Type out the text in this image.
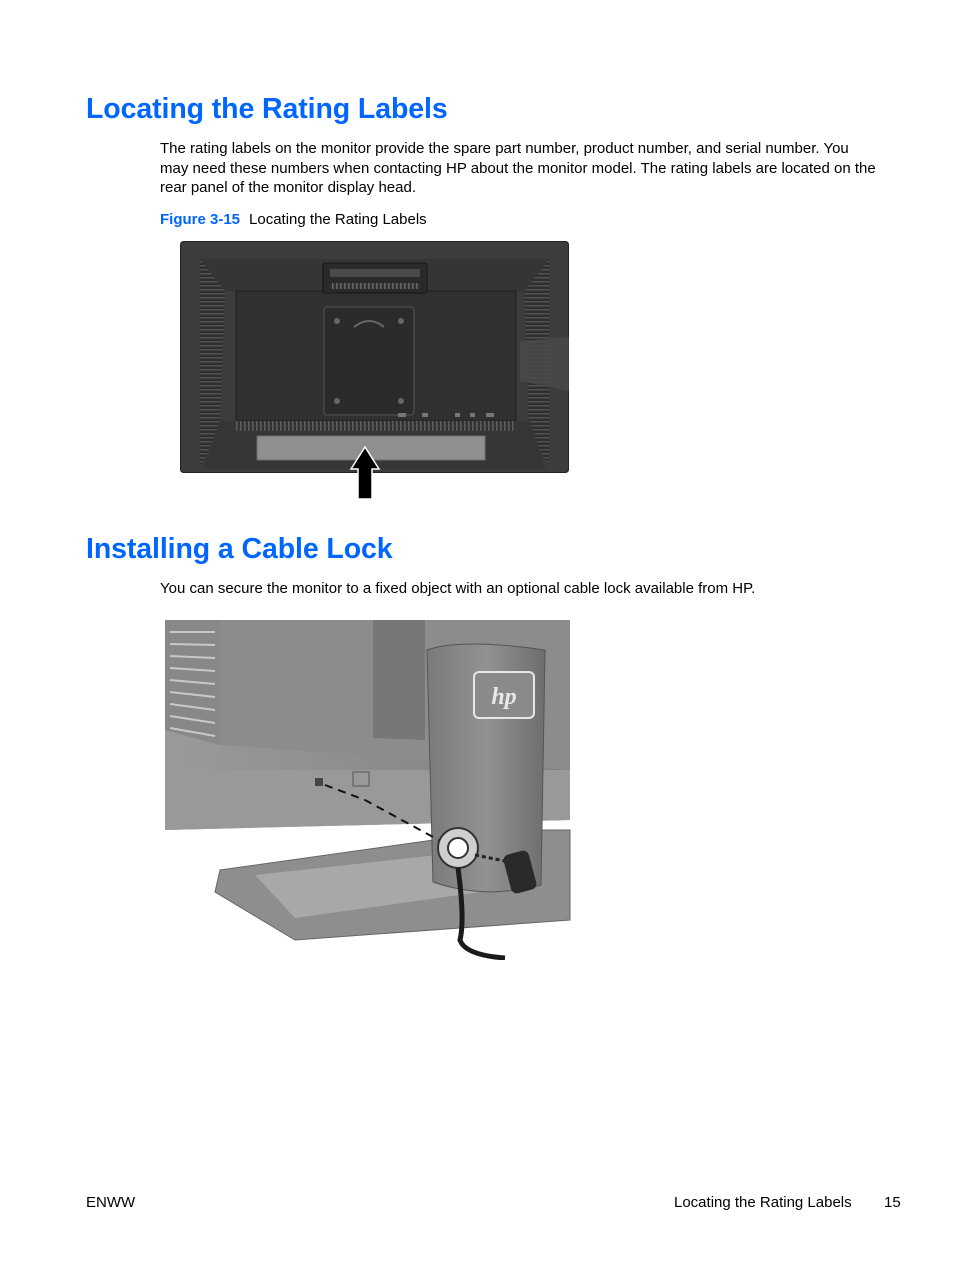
Locating the Rating Labels

The rating labels on the monitor provide the spare part number, product number, and serial number. You may need these numbers when contacting HP about the monitor model. The rating labels are located on the rear panel of the monitor display head.

Figure 3-15 Locating the Rating Labels

Installing a Cable Lock

You can secure the monitor to a fixed object with an optional cable lock available from HP.

hp
ENWW	Locating the Rating Labels 15
